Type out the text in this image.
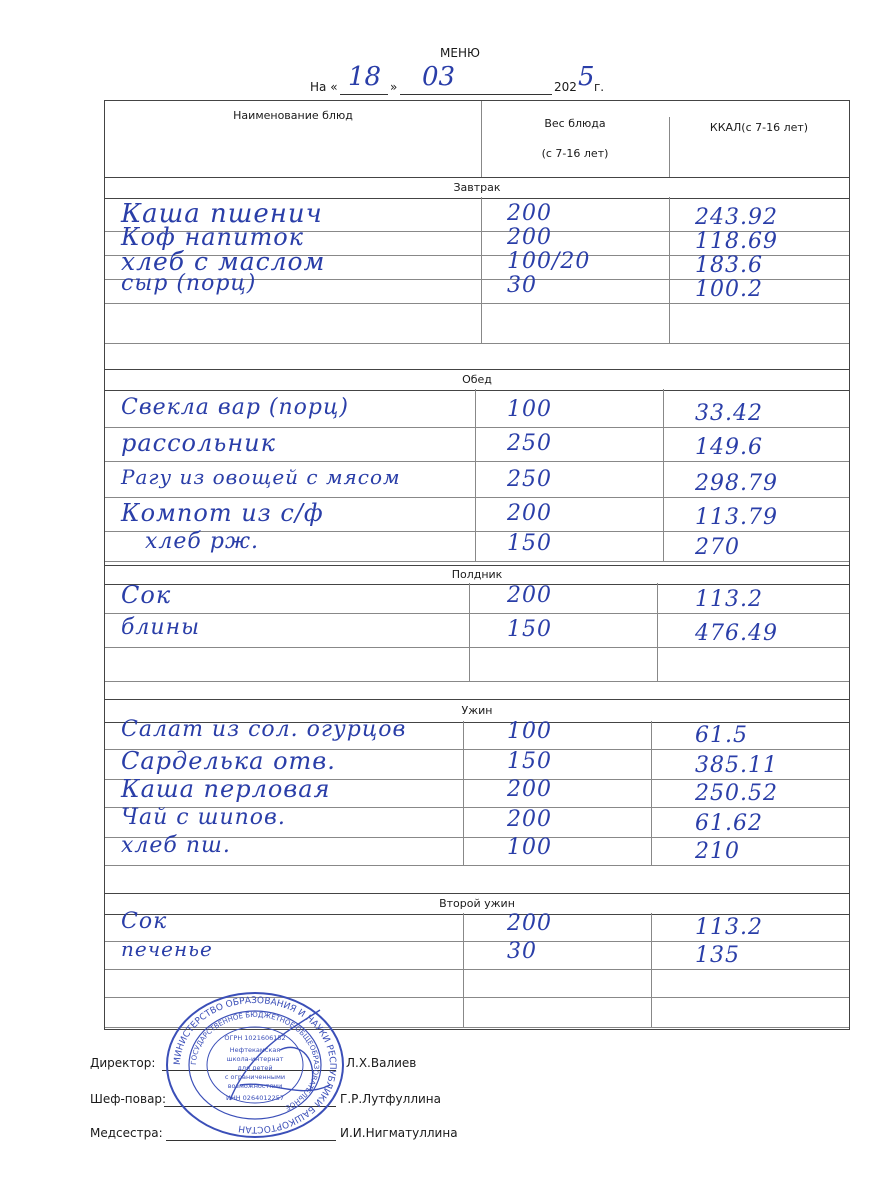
МЕНЮ
На « 18 » 03	202 5 г.
Наименование блюд
Вес блюда
(с 7-16 лет)
ККАЛ(с 7-16 лет)
Завтрак
Каша пшенич	200	243.92
Коф напиток	200	118.69
хлеб с маслом	100/20	183.6
сыр (порц)	30	100.2
Обед
Свекла вар (порц)	100	33.42
рассольник	250	149.6
Рагу из овощей с мясом	250	298.79
Компот из с/ф	200	113.79
хлеб рж.	150	270
Полдник
Сок	200	113.2
блины	150	476.49
Ужин
Салат из сол. огурцов	100	61.5
Сарделька отв.	150	385.11
Каша перловая	200	250.52
Чай с шипов.	200	61.62
хлеб пш.	100	210
Второй ужин
Сок	200	113.2
печенье	30	135
Директор:	Л.Х.Валиев
Шеф-повар:	Г.Р.Лутфуллина
Медсестра:	И.И.Нигматуллина
МИНИСТЕРСТВО ОБРАЗОВАНИЯ И НАУКИ РЕСПУБЛИКИ БАШКОРТОСТАН
ГОСУДАРСТВЕННОЕ БЮДЖЕТНОЕ ОБЩЕОБРАЗОВАТЕЛЬНОЕ
ОГРН 1021606152
Нефтекамская
школа-интернат
для детей
с ограниченными
возможностями
ИНН 0264012257
